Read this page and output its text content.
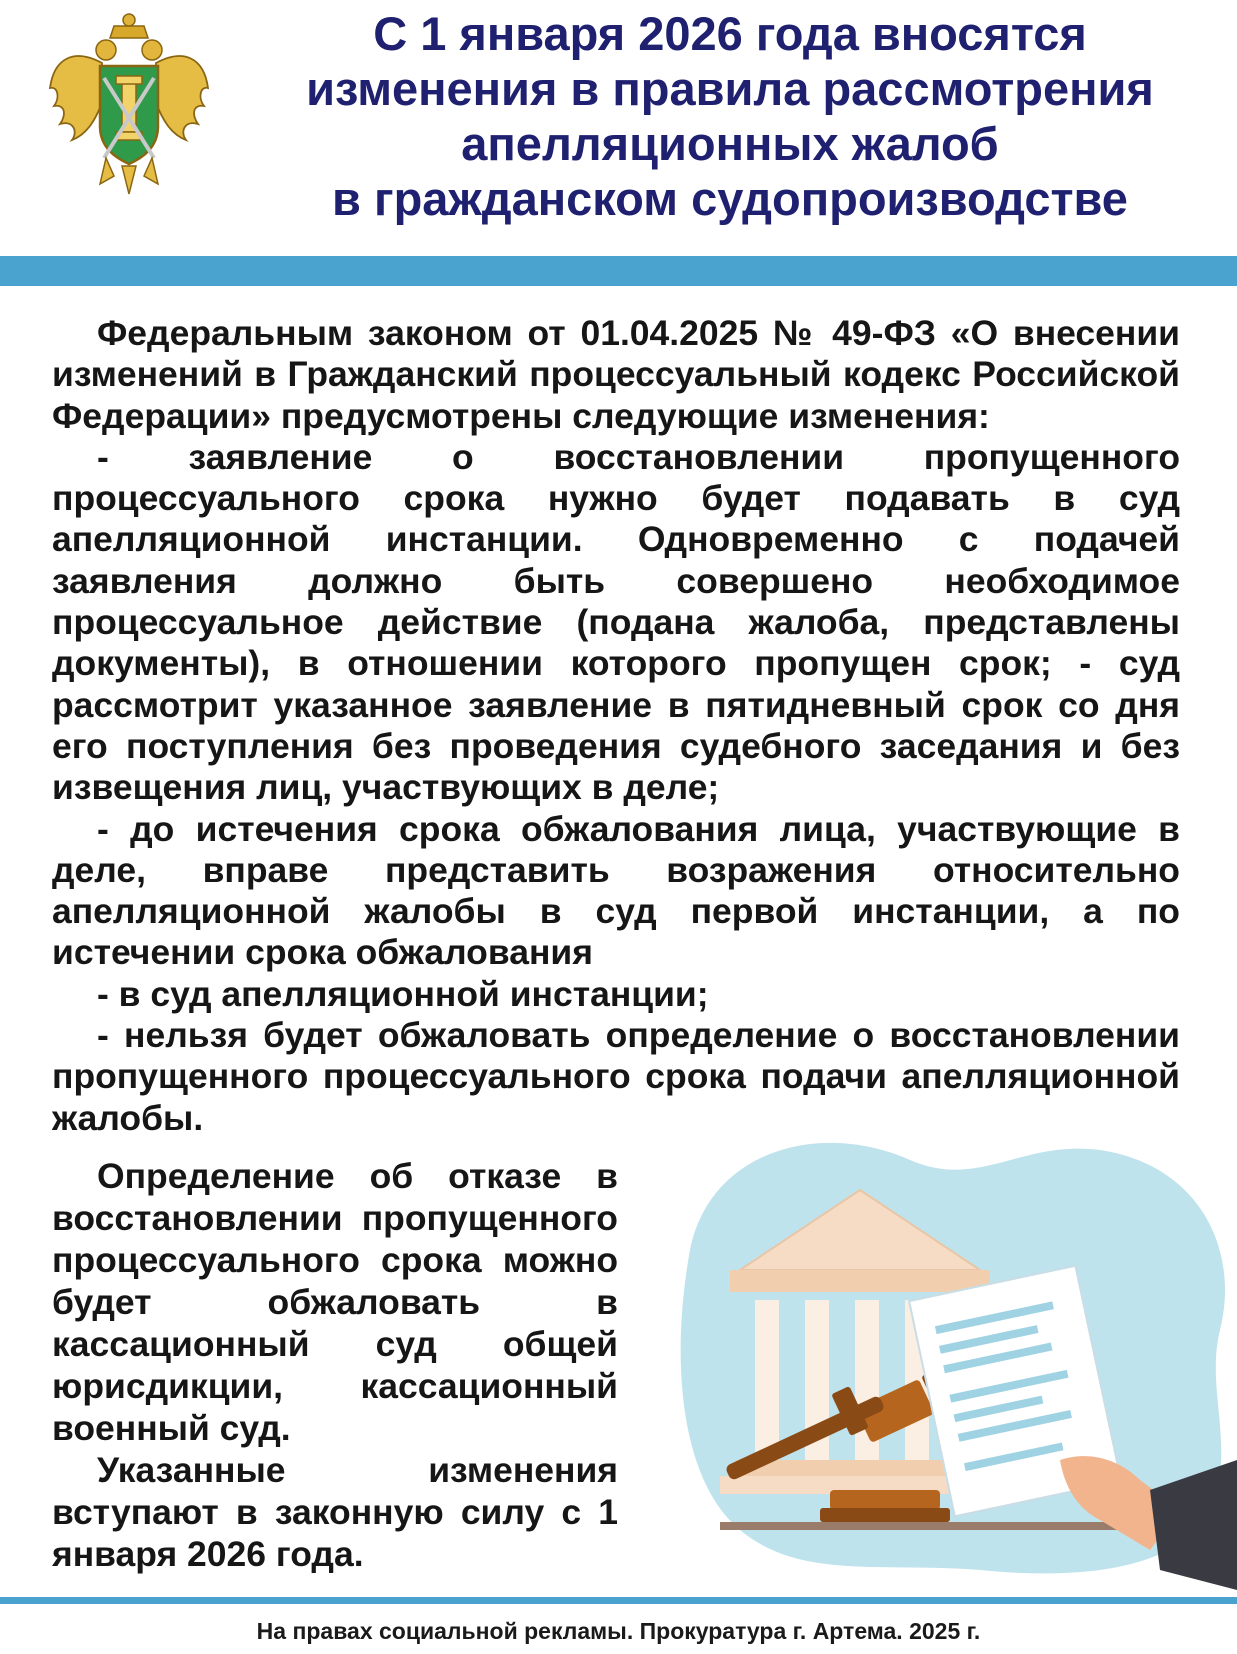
С 1 января 2026 года вносятся
изменения в правила рассмотрения
апелляционных жалоб
в гражданском судопроизводстве

Федеральным законом от 01.04.2025 № 49-ФЗ «О внесении изменений в Гражданский процессуальный кодекс Российской Федерации» предусмотрены следующие изменения:

- заявление о восстановлении пропущенного процессуального срока нужно будет подавать в суд апелляционной инстанции. Одновременно с подачей заявления должно быть совершено необходимое процессуальное действие (подана жалоба, представлены документы), в отношении которого пропущен срок; - суд рассмотрит указанное заявление в пятидневный срок со дня его поступления без проведения судебного заседания и без извещения лиц, участвующих в деле;

- до истечения срока обжалования лица, участвующие в деле, вправе представить возражения относительно апелляционной жалобы в суд первой инстанции, а по истечении срока обжалования

- в суд апелляционной инстанции;

- нельзя будет обжаловать определение о восстановлении пропущенного процессуального срока подачи апелляционной жалобы.

Определение об отказе в восстановлении пропущенного процессуального срока можно будет обжаловать в кассационный суд общей юрисдикции, кассационный военный суд.

Указанные изменения вступают в законную силу с 1 января 2026 года.

На правах социальной рекламы. Прокуратура г. Артема. 2025 г.
